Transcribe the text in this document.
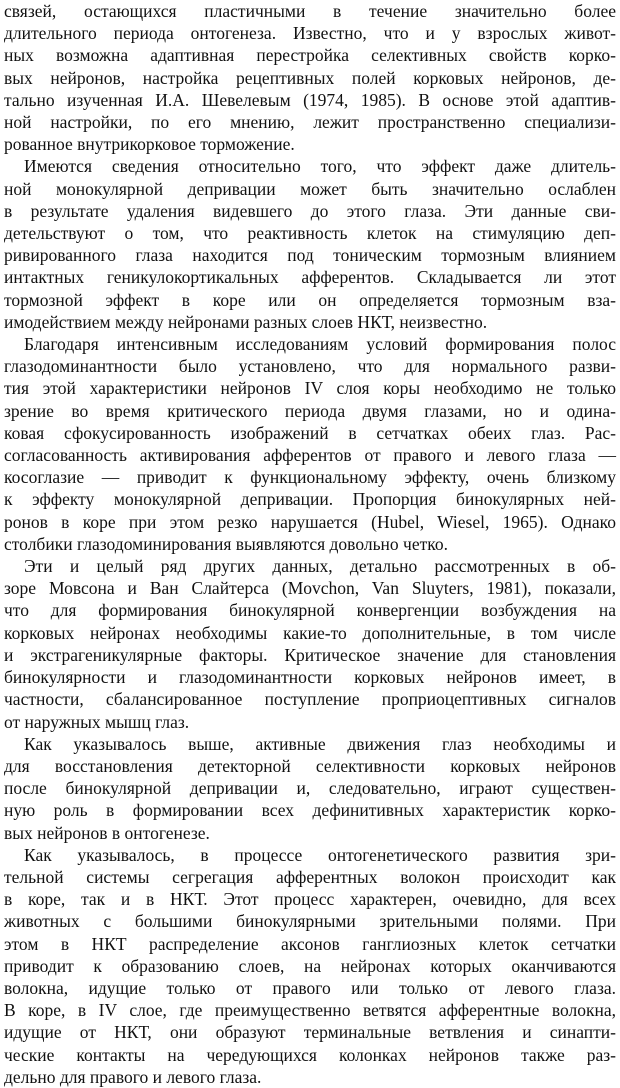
связей, остающихся пластичными в течение значительно более
длительного периода онтогенеза. Известно, что и у взрослых живот-
ных возможна адаптивная перестройка селективных свойств корко-
вых нейронов, настройка рецептивных полей корковых нейронов, де-
тально изученная И.А. Шевелевым (1974, 1985). В основе этой адаптив-
ной настройки, по его мнению, лежит пространственно специализи-
рованное внутрикорковое торможение.
Имеются сведения относительно того, что эффект даже длитель-
ной монокулярной депривации может быть значительно ослаблен
в результате удаления видевшего до этого глаза. Эти данные сви-
детельствуют о том, что реактивность клеток на стимуляцию деп-
ривированного глаза находится под тоническим тормозным влиянием
интактных геникулокортикальных афферентов. Складывается ли этот
тормозной эффект в коре или он определяется тормозным вза-
имодействием между нейронами разных слоев НКТ, неизвестно.
Благодаря интенсивным исследованиям условий формирования полос
глазодоминантности было установлено, что для нормального разви-
тия этой характеристики нейронов IV слоя коры необходимо не только
зрение во время критического периода двумя глазами, но и одина-
ковая сфокусированность изображений в сетчатках обеих глаз. Рас-
согласованность активирования афферентов от правого и левого глаза —
косоглазие — приводит к функциональному эффекту, очень близкому
к эффекту монокулярной депривации. Пропорция бинокулярных ней-
ронов в коре при этом резко нарушается (Hubel, Wiesel, 1965). Однако
столбики глазодоминирования выявляются довольно четко.
Эти и целый ряд других данных, детально рассмотренных в об-
зоре Мовсона и Ван Слайтерса (Movchon, Van Sluyters, 1981), показали,
что для формирования бинокулярной конвергенции возбуждения на
корковых нейронах необходимы какие-то дополнительные, в том числе
и экстрагеникулярные факторы. Критическое значение для становления
бинокулярности и глазодоминантности корковых нейронов имеет, в
частности, сбалансированное поступление проприоцептивных сигналов
от наружных мышц глаз.
Как указывалось выше, активные движения глаз необходимы и
для восстановления детекторной селективности корковых нейронов
после бинокулярной депривации и, следовательно, играют существен-
ную роль в формировании всех дефинитивных характеристик корко-
вых нейронов в онтогенезе.
Как указывалось, в процессе онтогенетического развития зри-
тельной системы сегрегация афферентных волокон происходит как
в коре, так и в НКТ. Этот процесс характерен, очевидно, для всех
животных с большими бинокулярными зрительными полями. При
этом в НКТ распределение аксонов ганглиозных клеток сетчатки
приводит к образованию слоев, на нейронах которых оканчиваются
волокна, идущие только от правого или только от левого глаза.
В коре, в IV слое, где преимущественно ветвятся афферентные волокна,
идущие от НКТ, они образуют терминальные ветвления и синапти-
ческие контакты на чередующихся колонках нейронов также раз-
дельно для правого и левого глаза.
